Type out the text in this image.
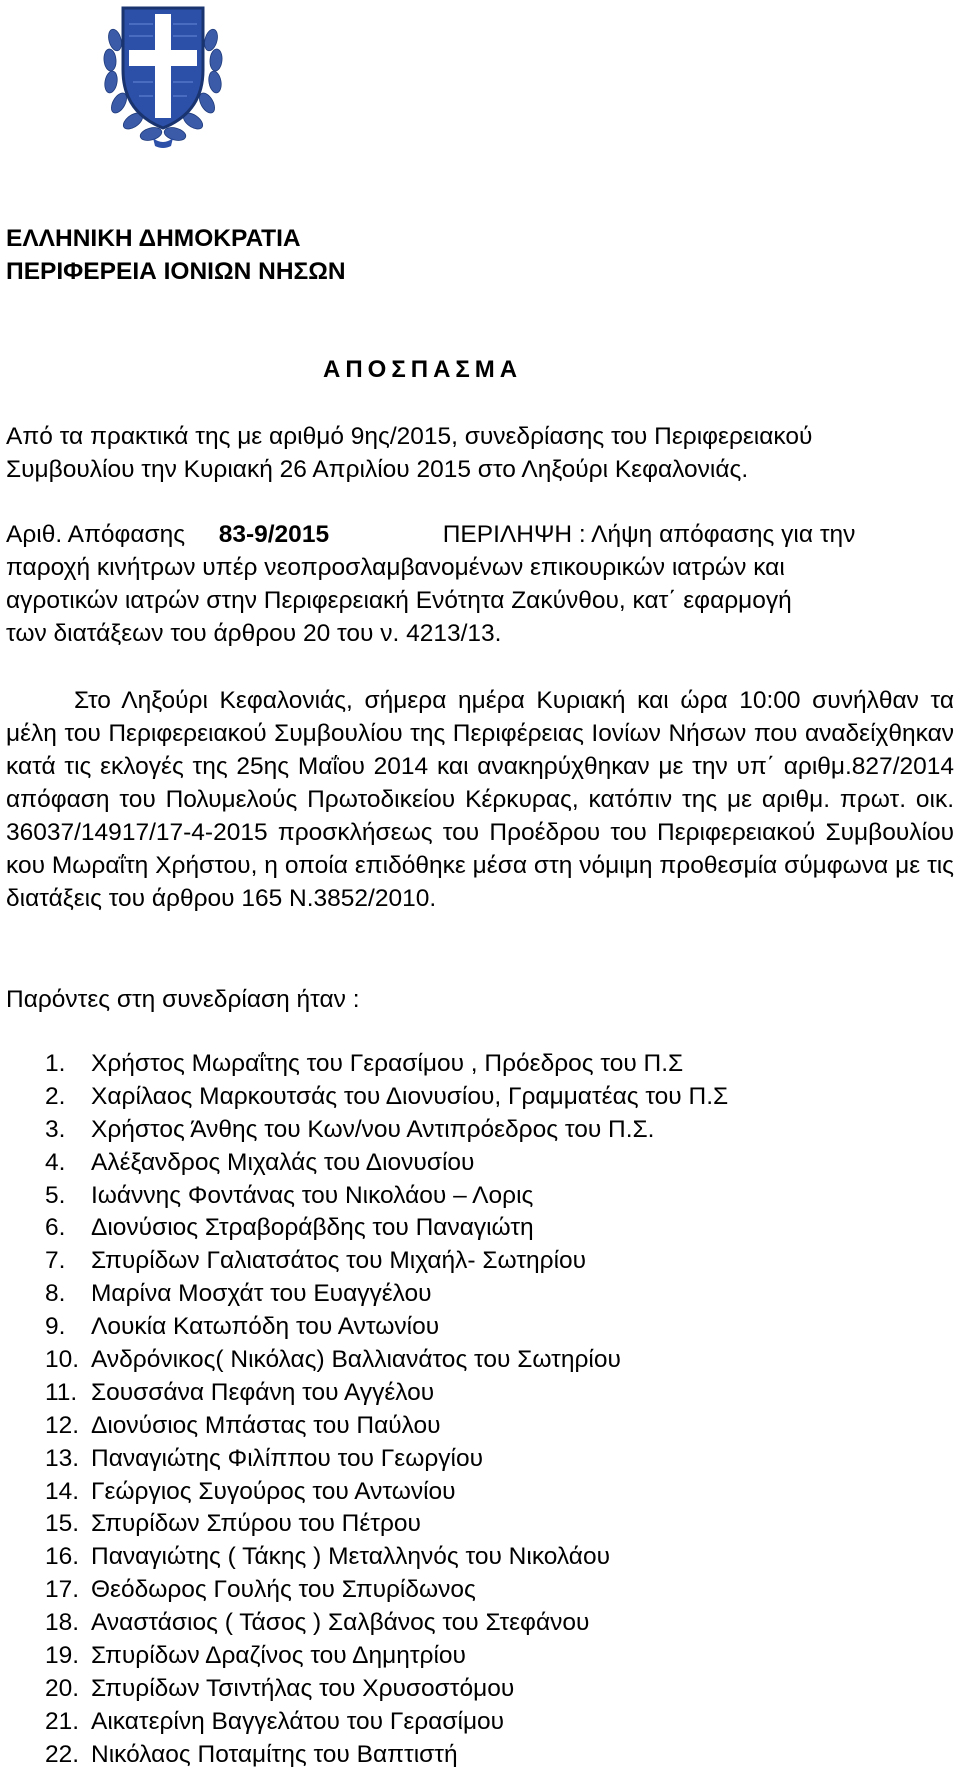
ΕΛΛΗΝΙΚΗ ΔΗΜΟΚΡΑΤΙΑ
ΠΕΡΙΦΕΡΕΙΑ ΙΟΝΙΩΝ ΝΗΣΩΝ
ΑΠΟΣΠΑΣΜΑ
Από τα πρακτικά της με αριθμό 9ης/2015, συνεδρίασης του Περιφερειακού
Συμβουλίου την Κυριακή 26 Απριλίου 2015 στο Ληξούρι Κεφαλονιάς.
Αριθ. Απόφασης 83-9/2015	ΠΕΡΙΛΗΨΗ : Λήψη απόφασης για την
παροχή κινήτρων υπέρ νεοπροσλαμβανομένων επικουρικών ιατρών και
αγροτικών ιατρών στην Περιφερειακή Ενότητα Ζακύνθου, κατ΄ εφαρμογή
των διατάξεων του άρθρου 20 του ν. 4213/13.
Στο Ληξούρι Κεφαλονιάς, σήμερα ημέρα Κυριακή και ώρα 10:00 συνήλθαν τα μέλη του Περιφερειακού Συμβουλίου της Περιφέρειας Ιονίων Νήσων που αναδείχθηκαν κατά τις εκλογές της 25ης Μαΐου 2014 και ανακηρύχθηκαν με την υπ΄ αριθμ.827/2014 απόφαση του Πολυμελούς Πρωτοδικείου Κέρκυρας, κατόπιν της με αριθμ. πρωτ. οικ. 36037/14917/17-4-2015 προσκλήσεως του Προέδρου του Περιφερειακού Συμβουλίου κου Μωραΐτη Χρήστου, η οποία επιδόθηκε μέσα στη νόμιμη προθεσμία σύμφωνα με τις διατάξεις του άρθρου 165 Ν.3852/2010.
Παρόντες στη συνεδρίαση ήταν :
1. Χρήστος Μωραΐτης του Γερασίμου , Πρόεδρος του Π.Σ
2. Χαρίλαος Μαρκουτσάς του Διονυσίου, Γραμματέας του Π.Σ
3. Χρήστος Άνθης του Κων/νου Αντιπρόεδρος του Π.Σ.
4. Αλέξανδρος Μιχαλάς του Διονυσίου
5. Ιωάννης Φοντάνας του Νικολάου – Λορις
6. Διονύσιος Στραβοράβδης του Παναγιώτη
7. Σπυρίδων Γαλιατσάτος του Μιχαήλ- Σωτηρίου
8. Μαρίνα Μοσχάτ του Ευαγγέλου
9. Λουκία Κατωπόδη του Αντωνίου
10. Ανδρόνικος( Νικόλας) Βαλλιανάτος του Σωτηρίου
11. Σουσσάνα Πεφάνη του Αγγέλου
12. Διονύσιος Μπάστας του Παύλου
13. Παναγιώτης Φιλίππου του Γεωργίου
14. Γεώργιος Συγούρος του Αντωνίου
15. Σπυρίδων Σπύρου του Πέτρου
16. Παναγιώτης ( Τάκης ) Μεταλληνός του Νικολάου
17. Θεόδωρος Γουλής του Σπυρίδωνος
18. Αναστάσιος ( Τάσος ) Σαλβάνος του Στεφάνου
19. Σπυρίδων Δραζίνος του Δημητρίου
20. Σπυρίδων Τσιντήλας του Χρυσοστόμου
21. Αικατερίνη Βαγγελάτου του Γερασίμου
22. Νικόλαος Ποταμίτης του Βαπτιστή
